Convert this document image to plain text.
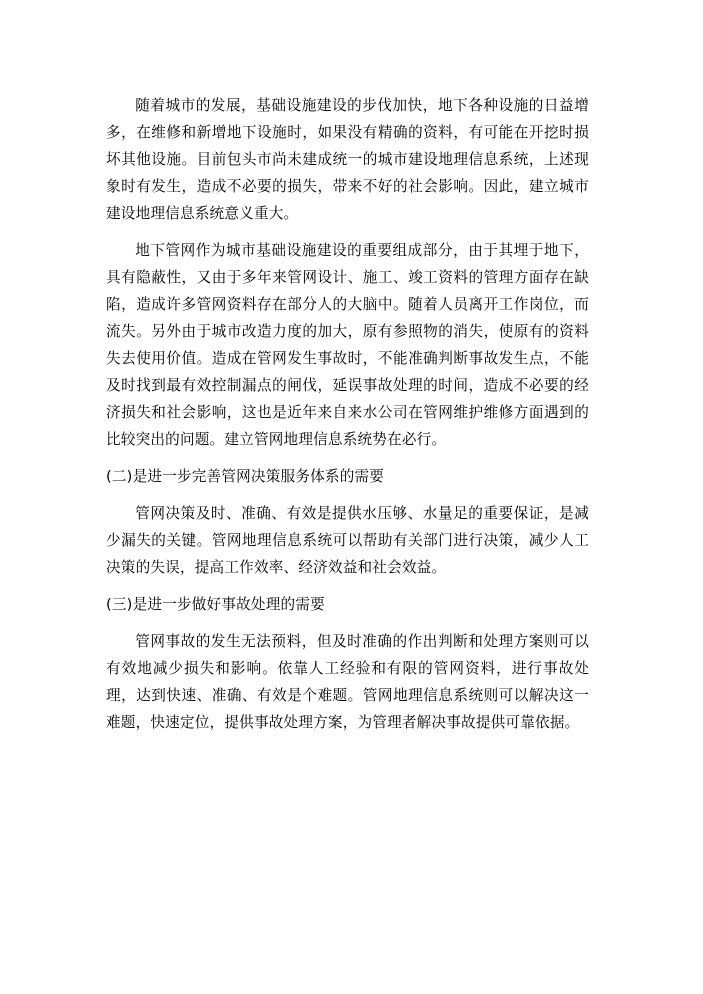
随着城市的发展，基础设施建设的步伐加快，地下各种设施的日益增多，在维修和新增地下设施时，如果没有精确的资料，有可能在开挖时损坏其他设施。目前包头市尚未建成统一的城市建设地理信息系统，上述现象时有发生，造成不必要的损失，带来不好的社会影响。因此，建立城市建设地理信息系统意义重大。

地下管网作为城市基础设施建设的重要组成部分，由于其埋于地下，具有隐蔽性，又由于多年来管网设计、施工、竣工资料的管理方面存在缺陷，造成许多管网资料存在部分人的大脑中。随着人员离开工作岗位，而流失。另外由于城市改造力度的加大，原有参照物的消失，使原有的资料失去使用价值。造成在管网发生事故时，不能准确判断事故发生点，不能及时找到最有效控制漏点的闸伐，延误事故处理的时间，造成不必要的经济损失和社会影响，这也是近年来自来水公司在管网维护维修方面遇到的比较突出的问题。建立管网地理信息系统势在必行。

(二)是进一步完善管网决策服务体系的需要

管网决策及时、准确、有效是提供水压够、水量足的重要保证，是减少漏失的关键。管网地理信息系统可以帮助有关部门进行决策，减少人工决策的失误，提高工作效率、经济效益和社会效益。

(三)是进一步做好事故处理的需要

管网事故的发生无法预料，但及时准确的作出判断和处理方案则可以有效地减少损失和影响。依靠人工经验和有限的管网资料，进行事故处理，达到快速、准确、有效是个难题。管网地理信息系统则可以解决这一难题，快速定位，提供事故处理方案，为管理者解决事故提供可靠依据。
